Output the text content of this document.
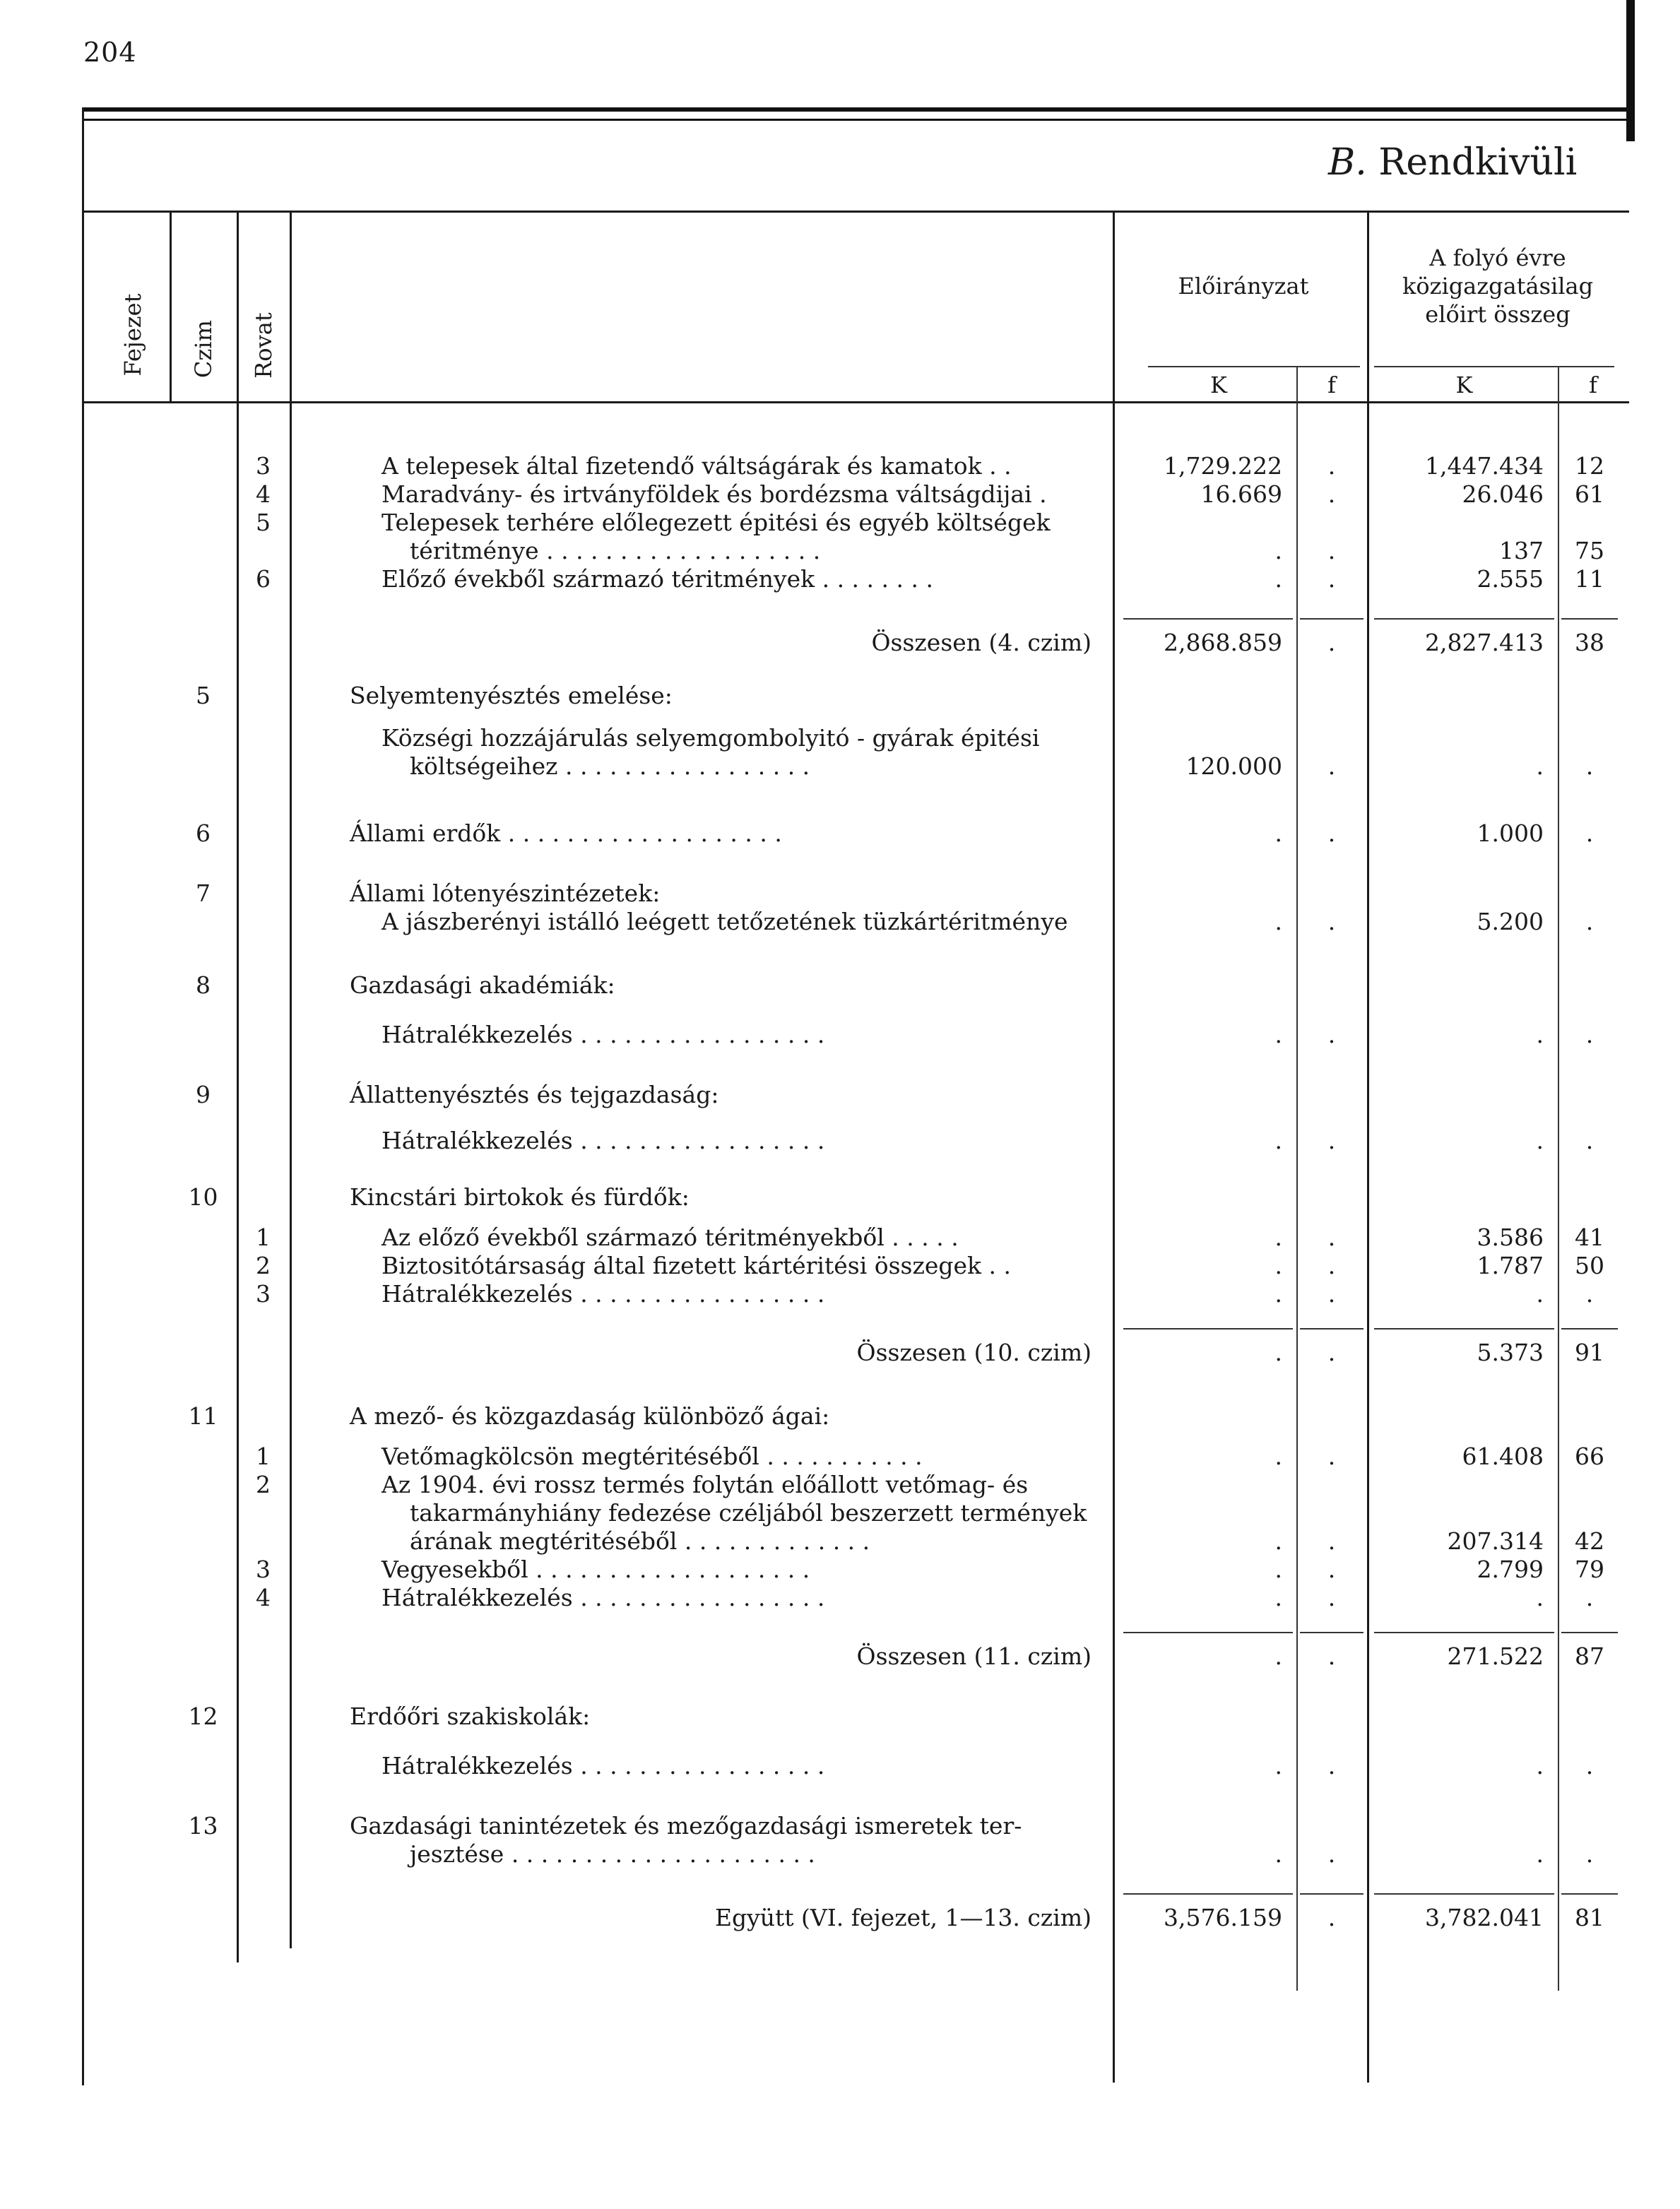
204
B. Rendkivüli
Fejezet Czim Rovat
Előirányzat
A folyó évre
közigazgatásilag
előirt összeg
K	f	K	f
3	A telepesek által fizetendő váltságárak és kamatok . .	1,729.222	.	1,447.434	12
4	Maradvány- és irtványföldek és bordézsma váltságdijai .	16.669	.	26.046	61
5	Telepesek terhére előlegezett épitési és egyéb költségek
téritménye . . . . . . . . . . . . . . . . . . .	.	.	137	75
6	Előző évekből származó téritmények . . . . . . . .	.	.	2.555	11
Összesen (4. czim)	2,868.859	.	2,827.413	38
5	Selyemtenyésztés emelése:
Községi hozzájárulás selyemgombolyitó - gyárak épitési
költségeihez . . . . . . . . . . . . . . . . .	120.000	.	.	.
6	Állami erdők . . . . . . . . . . . . . . . . . . .	.	.	1.000	.
7	Állami lótenyészintézetek:
A jászberényi istálló leégett tetőzetének tüzkártéritménye	.	.	5.200	.
8	Gazdasági akadémiák:
Hátralékkezelés . . . . . . . . . . . . . . . . .	.	.	.	.
9	Állattenyésztés és tejgazdaság:
Hátralékkezelés . . . . . . . . . . . . . . . . .	.	.	.	.
10	Kincstári birtokok és fürdők:
1	Az előző évekből származó téritményekből . . . . .	.	.	3.586	41
2	Biztositótársaság által fizetett kártéritési összegek . .	.	.	1.787	50
3	Hátralékkezelés . . . . . . . . . . . . . . . . .	.	.	.	.
Összesen (10. czim)	.	.	5.373	91
11	A mező- és közgazdaság különböző ágai:
1	Vetőmagkölcsön megtéritéséből . . . . . . . . . . .	.	.	61.408	66
2	Az 1904. évi rossz termés folytán előállott vetőmag- és
takarmányhiány fedezése czéljából beszerzett termények
árának megtéritéséből . . . . . . . . . . . . .	.	.	207.314	42
3	Vegyesekből . . . . . . . . . . . . . . . . . . .	.	.	2.799	79
4	Hátralékkezelés . . . . . . . . . . . . . . . . .	.	.	.	.
Összesen (11. czim)	.	.	271.522	87
12	Erdőőri szakiskolák:
Hátralékkezelés . . . . . . . . . . . . . . . . .	.	.	.	.
13	Gazdasági tanintézetek és mezőgazdasági ismeretek ter-
jesztése . . . . . . . . . . . . . . . . . . . . .	.	.	.	.
Együtt (VI. fejezet, 1—13. czim)	3,576.159	.	3,782.041	81
